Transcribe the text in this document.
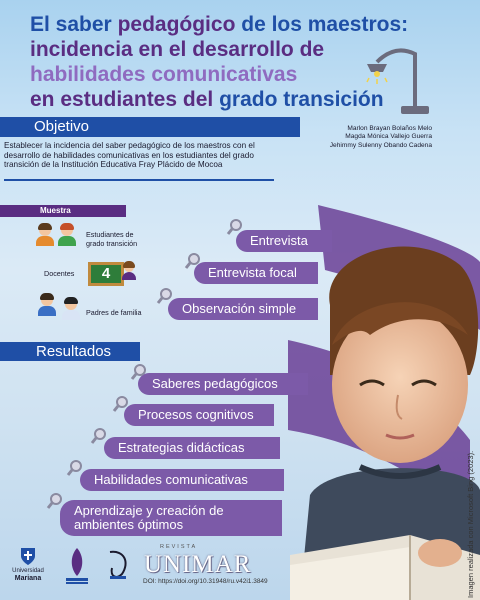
El saber pedagógico de los maestros:
incidencia en el desarrollo de
habilidades comunicativas
en estudiantes del grado transición
Objetivo
Establecer la incidencia del saber pedagógico de los maestros con el desarrollo de habilidades comunicativas en los estudiantes del grado transición de la Institución Educativa Fray Plácido de Mocoa
Marlon Brayan Bolaños Melo
Magda Mónica Vallejo Guerra
Jehimmy Sulenny Obando Cadena
Muestra
Estudiantes de grado transición
Docentes	4
Padres de familia
Entrevista
Entrevista focal
Observación simple
Resultados
Saberes pedagógicos
Procesos cognitivos
Estrategias didácticas
Habilidades comunicativas
Aprendizaje y creación de
ambientes óptimos
Universidad
Mariana
REVISTA
UNIMAR
DOI: https://doi.org/10.31948/ru.v42i1.3849	Imagen realizada con Microsoft Bing (2023).
